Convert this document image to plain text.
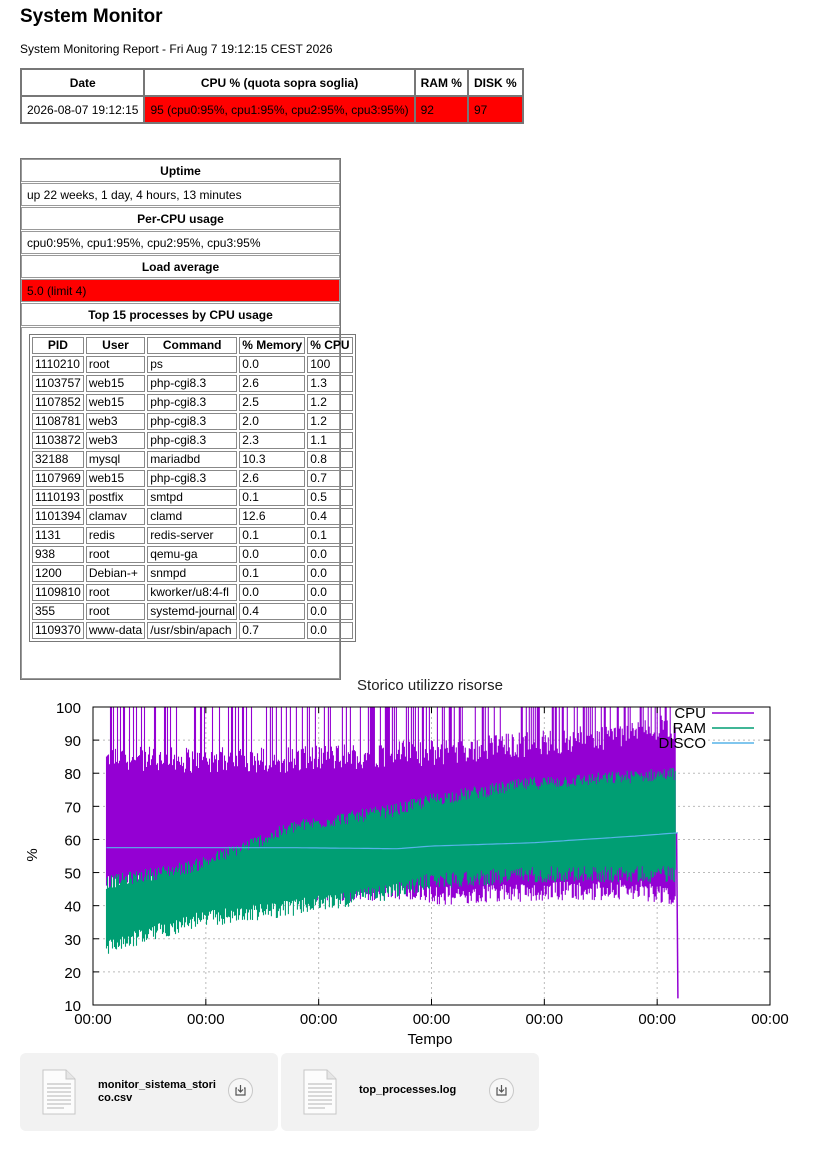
System Monitor
System Monitoring Report - Fri Aug 7 19:12:15 CEST 2026
Date	CPU % (quota sopra soglia)	RAM %	DISK %
2026-08-07 19:12:15	95 (cpu0:95%, cpu1:95%, cpu2:95%, cpu3:95%)	92	97
Uptime
up 22 weeks, 1 day, 4 hours, 13 minutes
Per-CPU usage
cpu0:95%, cpu1:95%, cpu2:95%, cpu3:95%
Load average
5.0 (limit 4)
Top 15 processes by CPU usage
PID	User	Command	% Memory	% CPU
1110210	root	ps	0.0	100
1103757	web15	php-cgi8.3	2.6	1.3
1107852	web15	php-cgi8.3	2.5	1.2
1108781	web3	php-cgi8.3	2.0	1.2
1103872	web3	php-cgi8.3	2.3	1.1
32188	mysql	mariadbd	10.3	0.8
1107969	web15	php-cgi8.3	2.6	0.7
1110193	postfix	smtpd	0.1	0.5
1101394	clamav	clamd	12.6	0.4
1131	redis	redis-server	0.1	0.1
938	root	qemu-ga	0.0	0.0
1200	Debian-+	snmpd	0.1	0.0
1109810	root	kworker/u8:4-fl	0.0	0.0
355	root	systemd-journal	0.4	0.0
1109370	www-data	/usr/sbin/apach	0.7	0.0
Storico utilizzo risorse
10
20
30
40
50
60
70
80
90
100
00:00	00:00	00:00	00:00	00:00	00:00	00:00
CPU
RAM
DISCO
Tempo
%
monitor_sistema_storico.csv
top_processes.log
